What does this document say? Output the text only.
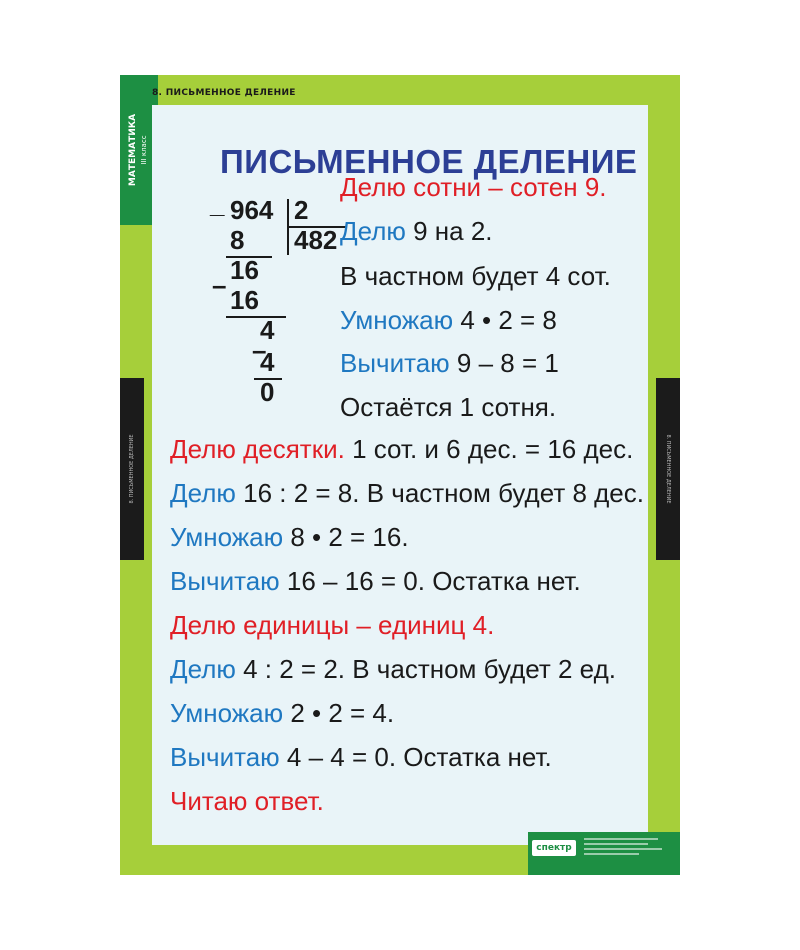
МАТЕМАТИКА III класс
8. ПИСЬМЕННОЕ ДЕЛЕНИЕ
ПИСЬМЕННОЕ ДЕЛЕНИЕ
_ 964 2
482
8
16
– 16
4
–
4
0
Делю сотни – сотен 9.
Делю 9 на 2.
В частном будет 4 сот.
Умножаю 4 • 2 = 8
Вычитаю 9 – 8 = 1
Остаётся 1 сотня.
Делю десятки. 1 сот. и 6 дес. = 16 дес.
Делю 16 : 2 = 8. В частном будет 8 дес.
Умножаю 8 • 2 = 16.
Вычитаю 16 – 16 = 0. Остатка нет.
Делю единицы – единиц 4.
Делю 4 : 2 = 2. В частном будет 2 ед.
Умножаю 2 • 2 = 4.
Вычитаю 4 – 4 = 0. Остатка нет.
Читаю ответ.
8. ПИСЬМЕННОЕ ДЕЛЕНИЕ	8. ПИСЬМЕННОЕ ДЕЛЕНИЕ
спектр
